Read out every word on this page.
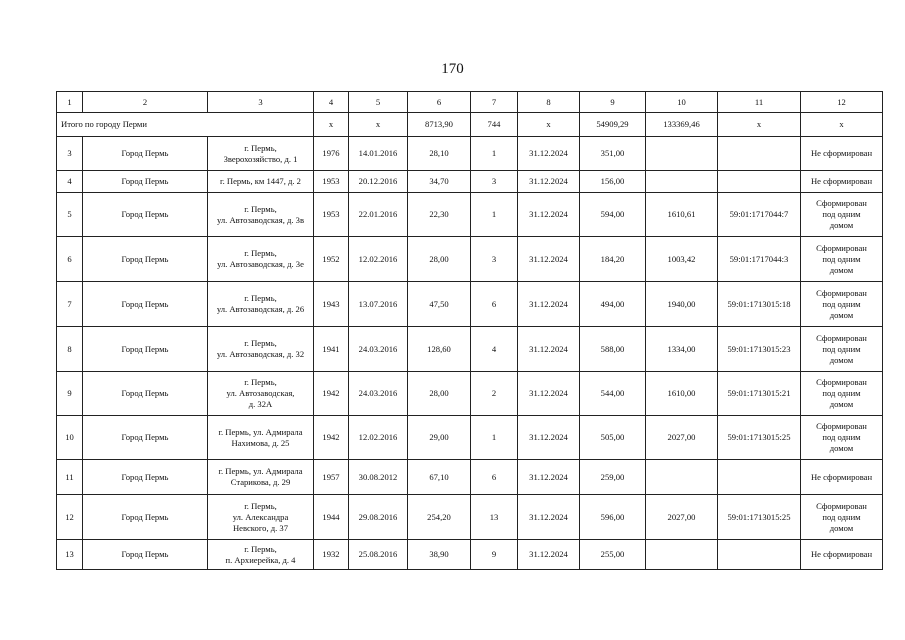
170
1	2	3	4	5	6	7	8	9	10	11	12
Итого по городу Перми			х	х	8713,90	744	х	54909,29	133369,46	х	х
3	Город Пермь	г. Пермь,
Зверохозяйство, д. 1	1976	14.01.2016	28,10	1	31.12.2024	351,00			Не сформирован
4	Город Пермь	г. Пермь, км 1447, д. 2	1953	20.12.2016	34,70	3	31.12.2024	156,00			Не сформирован
5	Город Пермь	г. Пермь,
ул. Автозаводская, д. 3в	1953	22.01.2016	22,30	1	31.12.2024	594,00	1610,61	59:01:1717044:7	Сформирован
под одним
домом
6	Город Пермь	г. Пермь,
ул. Автозаводская, д. 3е	1952	12.02.2016	28,00	3	31.12.2024	184,20	1003,42	59:01:1717044:3	Сформирован
под одним
домом
7	Город Пермь	г. Пермь,
ул. Автозаводская, д. 26	1943	13.07.2016	47,50	6	31.12.2024	494,00	1940,00	59:01:1713015:18	Сформирован
под одним
домом
8	Город Пермь	г. Пермь,
ул. Автозаводская, д. 32	1941	24.03.2016	128,60	4	31.12.2024	588,00	1334,00	59:01:1713015:23	Сформирован
под одним
домом
9	Город Пермь	г. Пермь,
ул. Автозаводская,
д. 32А	1942	24.03.2016	28,00	2	31.12.2024	544,00	1610,00	59:01:1713015:21	Сформирован
под одним
домом
10	Город Пермь	г. Пермь, ул. Адмирала
Нахимова, д. 25	1942	12.02.2016	29,00	1	31.12.2024	505,00	2027,00	59:01:1713015:25	Сформирован
под одним
домом
11	Город Пермь	г. Пермь, ул. Адмирала
Старикова, д. 29	1957	30.08.2012	67,10	6	31.12.2024	259,00			Не сформирован
12	Город Пермь	г. Пермь,
ул. Александра
Невского, д. 37	1944	29.08.2016	254,20	13	31.12.2024	596,00	2027,00	59:01:1713015:25	Сформирован
под одним
домом
13	Город Пермь	г. Пермь,
п. Архиерейка, д. 4	1932	25.08.2016	38,90	9	31.12.2024	255,00			Не сформирован
